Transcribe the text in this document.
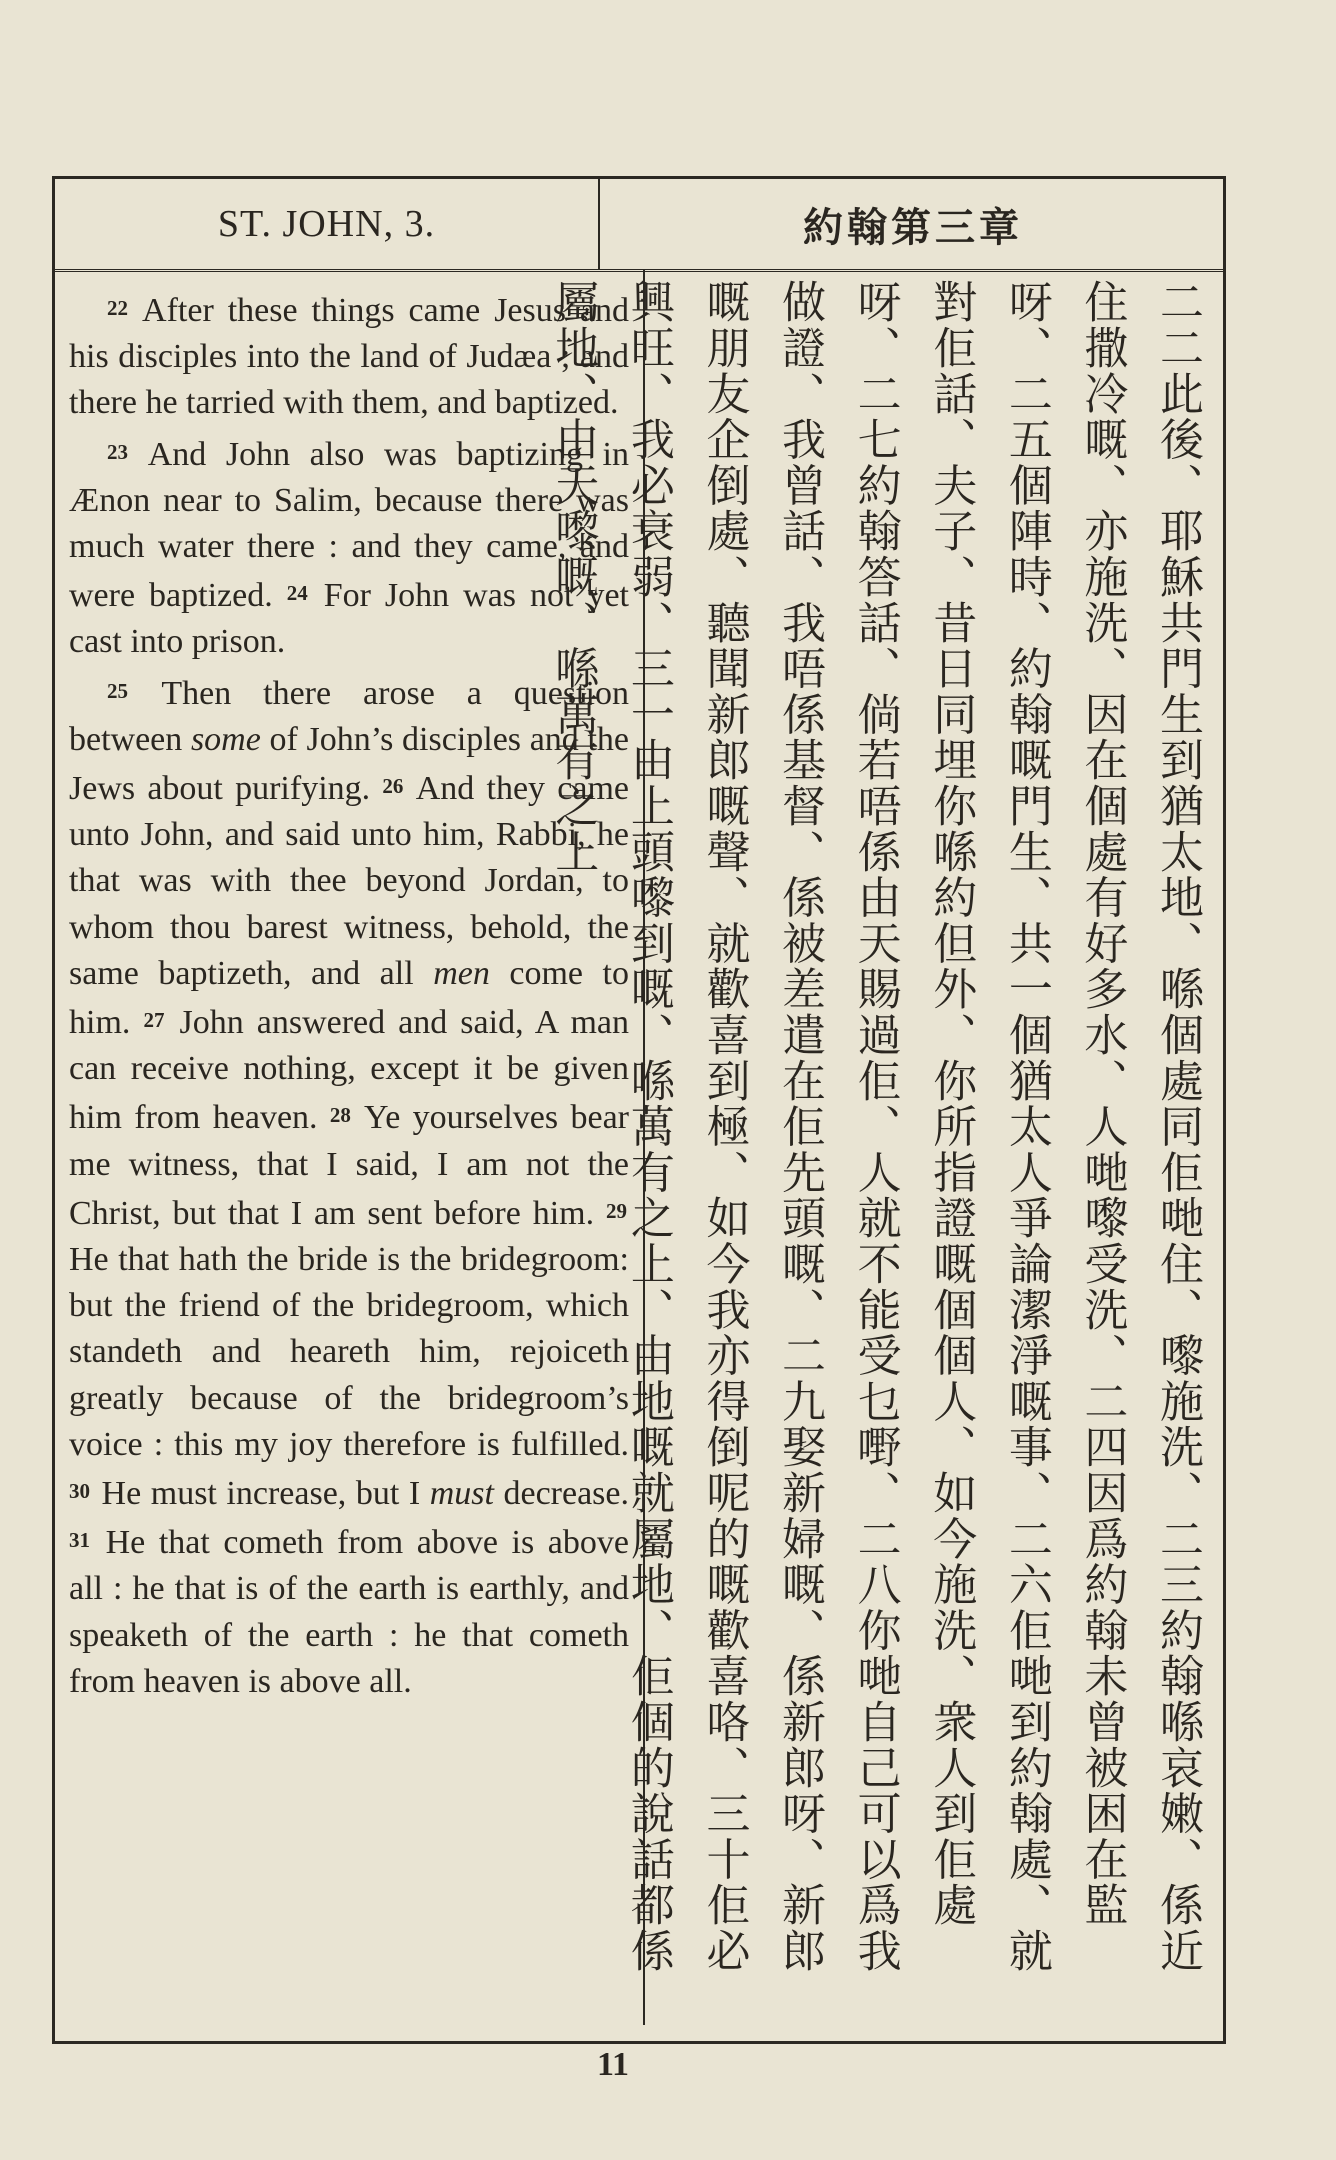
ST. JOHN, 3.	約翰第三章

22 After these things came Jesus and his disciples into the land of Judæa ; and there he tarried with them, and baptized.

23 And John also was baptizing in Ænon near to Salim, because there was much water there : and they came, and were baptized. 24 For John was not yet cast into prison.

25 Then there arose a question between some of John’s disciples and the Jews about purifying. 26 And they came unto John, and said unto him, Rabbi, he that was with thee beyond Jordan, to whom thou barest witness, behold, the same baptizeth, and all men come to him. 27 John answered and said, A man can receive nothing, except it be given him from heaven. 28 Ye yourselves bear me witness, that I said, I am not the Christ, but that I am sent before him. 29 He that hath the bride is the bridegroom: but the friend of the bridegroom, which standeth and heareth him, rejoiceth greatly because of the bridegroom’s voice : this my joy therefore is fulfilled. 30 He must increase, but I must decrease. 31 He that cometh from above is above all : he that is of the earth is earthly, and speaketh of the earth : he that cometh from heaven is above all.	二二此後、耶穌共門生到猶太地、喺個處同佢哋住、嚟施洗、二三約翰喺哀嫩、係近住撒冷嘅、亦施洗、因在個處有好多水、人哋嚟受洗、二四因爲約翰未曾被困在監呀、二五個陣時、約翰嘅門生、共一個猶太人爭論潔淨嘅事、二六佢哋到約翰處、就對佢話、夫子、昔日同埋你喺約但外、你所指證嘅個個人、如今施洗、衆人到佢處呀、二七約翰答話、倘若唔係由天賜過佢、人就不能受乜嘢、二八你哋自己可以爲我做證、我曾話、我唔係基督、係被差遣在佢先頭嘅、二九娶新婦嘅、係新郎呀、新郎嘅朋友企倒處、聽聞新郎嘅聲、就歡喜到極、如今我亦得倒呢的嘅歡喜咯、三十佢必興旺、我必衰弱、三一由上頭嚟到嘅、喺萬有之上、由地嘅就屬地、佢個的說話都係屬地、由天嚟嘅、喺萬有之上
11
